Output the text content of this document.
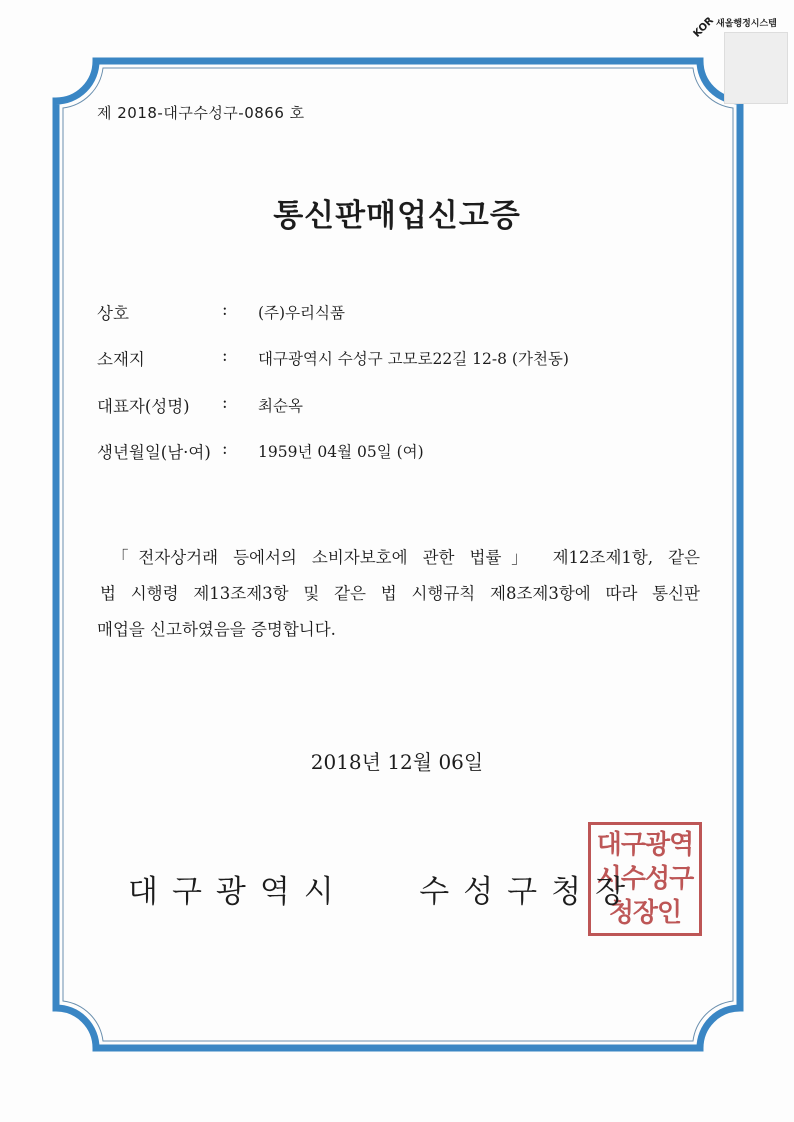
KOR 새올행정시스템
제 2018-대구수성구-0866 호
통신판매업신고증
상호	: (주)우리식품
소재지	: 대구광역시 수성구 고모로22길 12-8 (가천동)
대표자(성명)	: 최순옥
생년월일(남·여) : 1959년 04월 05일 (여)
「전자상거래 등에서의 소비자보호에 관한 법률」 제12조제1항, 같은
법 시행령 제13조제3항 및 같은 법 시행규칙 제8조제3항에 따라 통신판
매업을 신고하였음을 증명합니다.
2018년 12월 06일
대구광역
시수성구
청장인
대구광역시   수성구청장
